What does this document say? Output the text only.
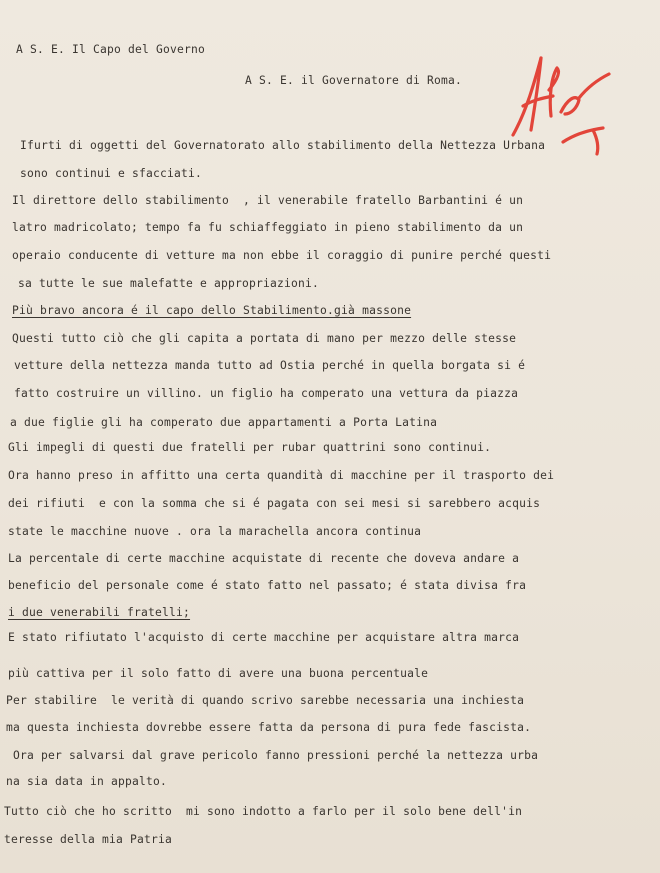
A S. E. Il Capo del Governo
A S. E. il Governatore di Roma.
Ifurti di oggetti del Governatorato allo stabilimento della Nettezza Urbana
sono continui e sfacciati.
Il direttore dello stabilimento  , il venerabile fratello Barbantini é un
latro madricolato; tempo fa fu schiaffeggiato in pieno stabilimento da un
operaio conducente di vetture ma non ebbe il coraggio di punire perché questi
sa tutte le sue malefatte e appropriazioni.
Più bravo ancora é il capo dello Stabilimento.già massone
Questi tutto ciò che gli capita a portata di mano per mezzo delle stesse
vetture della nettezza manda tutto ad Ostia perché in quella borgata si é
fatto costruire un villino. un figlio ha comperato una vettura da piazza
a due figlie gli ha comperato due appartamenti a Porta Latina
Gli impegli di questi due fratelli per rubar quattrini sono continui.
Ora hanno preso in affitto una certa quandità di macchine per il trasporto dei
dei rifiuti  e con la somma che si é pagata con sei mesi si sarebbero acquis
state le macchine nuove . ora la marachella ancora continua
La percentale di certe macchine acquistate di recente che doveva andare a
beneficio del personale come é stato fatto nel passato; é stata divisa fra
i due venerabili fratelli;
E stato rifiutato l'acquisto di certe macchine per acquistare altra marca
più cattiva per il solo fatto di avere una buona percentuale
Per stabilire  le verità di quando scrivo sarebbe necessaria una inchiesta
ma questa inchiesta dovrebbe essere fatta da persona di pura fede fascista.
Ora per salvarsi dal grave pericolo fanno pressioni perché la nettezza urba
na sia data in appalto.
Tutto ciò che ho scritto  mi sono indotto a farlo per il solo bene dell'in
teresse della mia Patria
